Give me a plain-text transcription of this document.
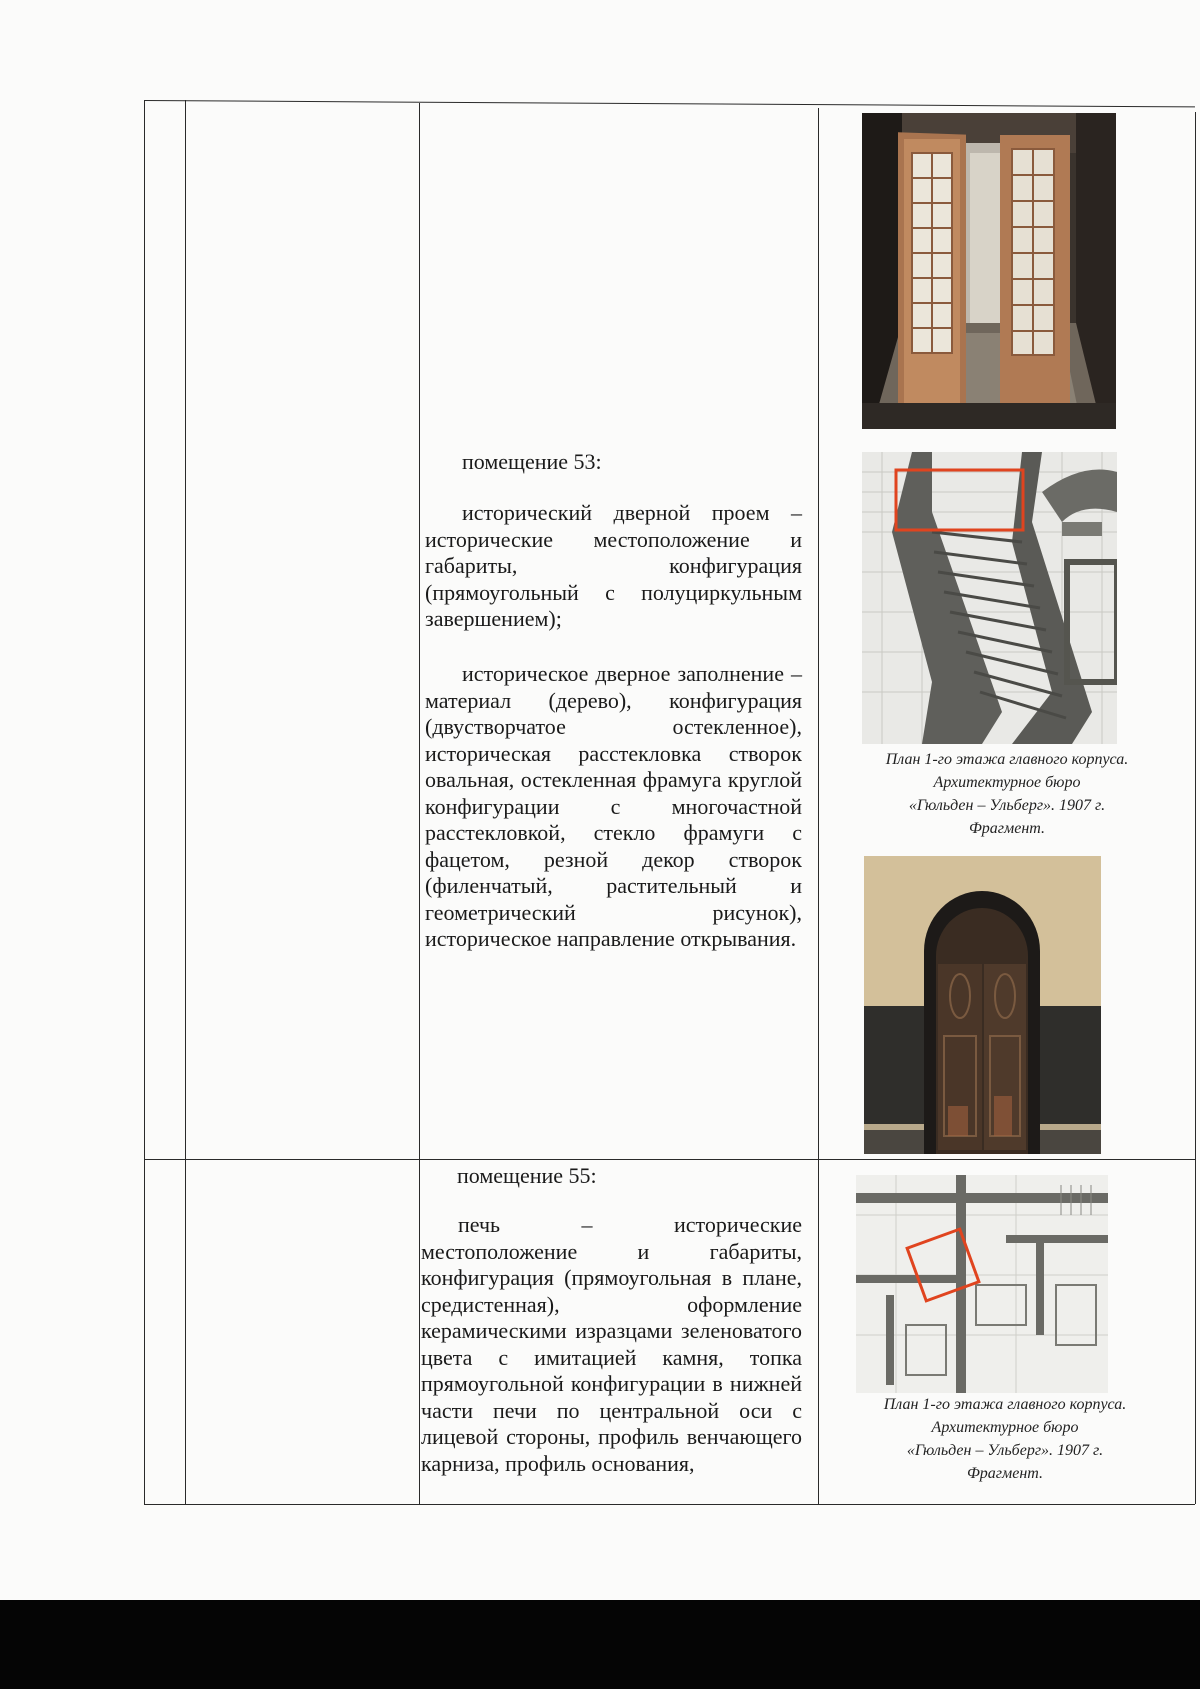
помещение 53:

исторический дверной проем – исторические местоположение и габариты, конфигурация (прямоугольный с полуциркульным завершением);

историческое дверное заполнение – материал (дерево), конфигурация (двустворчатое остекленное), историческая расстекловка створок овальная, остекленная фрамуга круглой конфигурации с многочастной расстекловкой, стекло фрамуги с фацетом, резной декор створок (филенчатый, растительный и геометрический рисунок), историческое направление открывания.

План 1-го этажа главного корпуса.
Архитектурное бюро
«Гюльден – Ульберг». 1907 г.
Фрагмент.
помещение 55:

печь – исторические местоположение и габариты, конфигурация (прямоугольная в плане, средистенная), оформление керамическими изразцами зеленоватого цвета с имитацией камня, топка прямоугольной конфигурации в нижней части печи по центральной оси с лицевой стороны, профиль венчающего карниза, профиль основания,

План 1-го этажа главного корпуса.
Архитектурное бюро
«Гюльден – Ульберг». 1907 г.
Фрагмент.
